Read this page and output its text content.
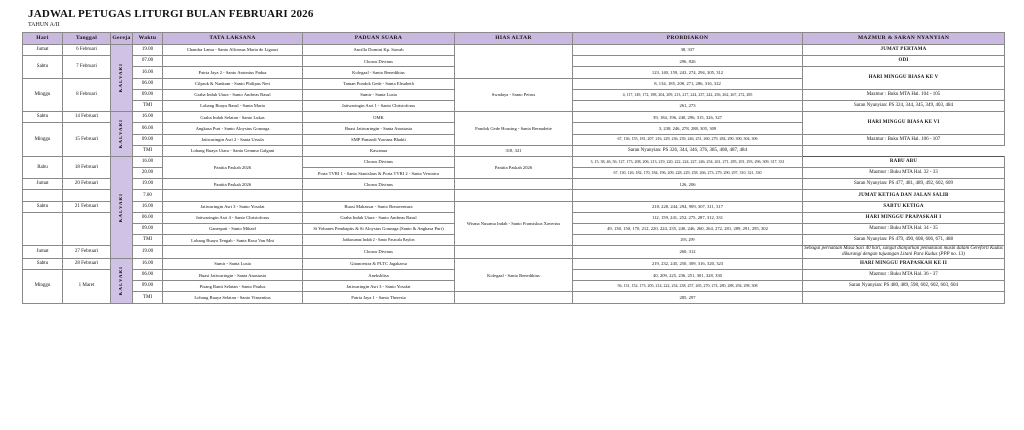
JADWAL PETUGAS LITURGI BULAN FEBRUARI 2026
TAHUN A/II
Hari	Tanggal	Gereja	Waktu	TATA LAKSANA	PADUAN SUARA	HIAS ALTAR	PROBDIAKON	MAZMUR & SARAN NYANYIAN
Jumat	6 Februari	KALVARI	19.00	Chandra Lama - Santo Alfonsus Maria de Ligouri	Ancilla Domini Kp. Sawah		38, 337	JUMAT PERTAMA
Sabtu	7 Februari		07.00		Chorus Divinus		296, 826	ODI
			16.00	Patria Jaya 2 - Santo Antonius Padua	Kolegaal - Santo Benediktus		123, 140, 159, 243, 274, 294, 305, 312	HARI MINGGU BIASA KE V
Minggu	8 Februari		06.00	Cilpruk & Nankam - Santo Philipus Neri	Taman Pondok Gede - Santa Elisabeth	Swadaya - Santo Petrus	8, 134, 185, 208, 271, 286, 316, 322	
			09.00	Graha Indah Utara - Santo Andreas Rasul	Sumir - Santa Lusia		4, 117, 149, 172, 188, 204, 209, 213, 217, 224, 237, 242, 256, 262, 267, 272, 285	Mazmur : Buku MTA Hal. 104 - 105
			TMI	Lohang Buaya Rasul - Santa Maria	Jatiwaringin Asri 1 - Santo Christoforus		261, 273	Saran Nyanyian: PS 324, 344, 345, 349, 403, 484
Sabtu	14 Februari	KALVARI	16.00	Graha Indah Selatan - Santo Lukas	OMK	Pondok Gede Housing - Santa Bernadette	39, 184, 196, 240, 296, 315, 326, 327	HARI MINGGU BIASA KE VI
Minggu	15 Februari		06.00	Angkasa Puri - Santo Aloysius Gonzaga	Buasi Jatiwaringin - Santa Anastasia		3, 238, 246, 278, 288, 305, 309	
			09.00	Jatiwaringin Asri 2 - Santa Ursula	SMP Pamardi Yuwana Bhakti		67, 136, 155, 181, 207, 216, 229, 236, 239, 246, 251, 260, 279, 284, 290, 300, 304, 306	Mazmur : Buku MTA Hal. 106 - 107
			TMI	Lohang Buaya Utara - Santa Gemma Galgani	Kawanua	318, 321	Saran Nyanyian: PS 326, 344, 346, 376, 385, 408, 487, 484	
Rabu	18 Februari	KALVARI	16.00	Panitia Paskah 2026	Chorus Divinus	Panitia Paskah 2026	3, 15, 38, 46, 56, 127, 173, 208, 206, 213, 219, 220, 222, 224, 227, 246, 254, 261, 271, 285, 291, 293, 296, 309, 317, 331	RABU ABU
			20.00		Porta TVRI 1 - Santo Stanislaus & Porta TVRI 2 - Santa Veronica		67, 130, 126, 182, 170, 184, 196, 209, 228, 229, 258, 266, 273, 279, 290, 297, 310, 321, 330	Mazmur : Buku MTA Hal. 32 - 33
Jumat	20 Februari		19.00	Panitia Paskah 2026	Chorus Divinus		126, 206	Saran Nyanyian: PS 477, 481, 489, 492, 602, 609
			7.00					JUMAT KETIGA DAN JALAN SALIB
Sabtu	21 Februari		16.00	Jatiwaringin Asri 3 - Santo Yosafat	Buasi Makassar - Santo Bonaventura	Wisma Nusama Indah - Santo Fransiskus Xaverius	218, 228, 244, 294, 909, 307, 311, 317	SABTU KETIGA
			06.00	Jatiwaringin Asri 4 - Santo Christoforus	Graha Indah Utara - Santo Andreas Rasul		112, 159, 241, 252, 275, 287, 312, 331	HARI MINGGU PRAPASKAH I
			09.00	Ganespati - Santo Mikael	St Yohanes Pembaptis & St Aloysius Gonzaga (Santo & Angkasa Puri)		49, 130, 150, 170, 212, 220, 224, 235, 240, 246, 260, 264, 272, 281, 289, 291, 295, 302	Mazmur : Buku MTA Hal. 34 - 35
			TMI	Lohang Buaya Tengah - Santa Rosa Van Mni	Jatikusumat Indah 2 - Santo Paszcala Baylon		293, 299	Saran Nyanyian: PS 479, 490, 608, 606, 671, 488
Jumat	27 Februari		19.00		Chorus Divinus		260, 312	Sebagai pernataan Masa Suci 40 hari, sangat dianjurkan pemakaian musik dalam Gereforti Kudus dikurangi dengan tujuangan Litani Para Kudus (PPP no. 13)
Sabtu	28 Februari	KALVARI	16.00	Sumir - Santa Lusia	Gitanoestra & PLTC Jagakarsa	Kolegaal - Santo Benediktus	219, 232, 245, 250, 309, 316, 320, 323	HARI MINGGU PRAPASKAH KE II
Minggu	1 Maret		06.00	Buasi Jatiwaringin - Santa Anastasia	Aneksblisa		40, 209, 225, 236, 251, 301, 328, 330	Mazmur : Buku MTA Hal. 36 - 37
			09.00	Pisang Ranti Selatan - Santo Paulus	Jatiwaringin Asri 3 - Santo Yosafat		56, 131, 152, 173, 205, 214, 222, 234, 238, 257, 265, 270, 274, 280, 288, 294, 298, 308	Saran Nyanyian: PS 480, 489, 598, 602, 602, 603, 604
			TMI	Lohang Buaya Selatan - Santo Vinsentius	Patria Jaya 1 - Santa Theresia		285, 297	
